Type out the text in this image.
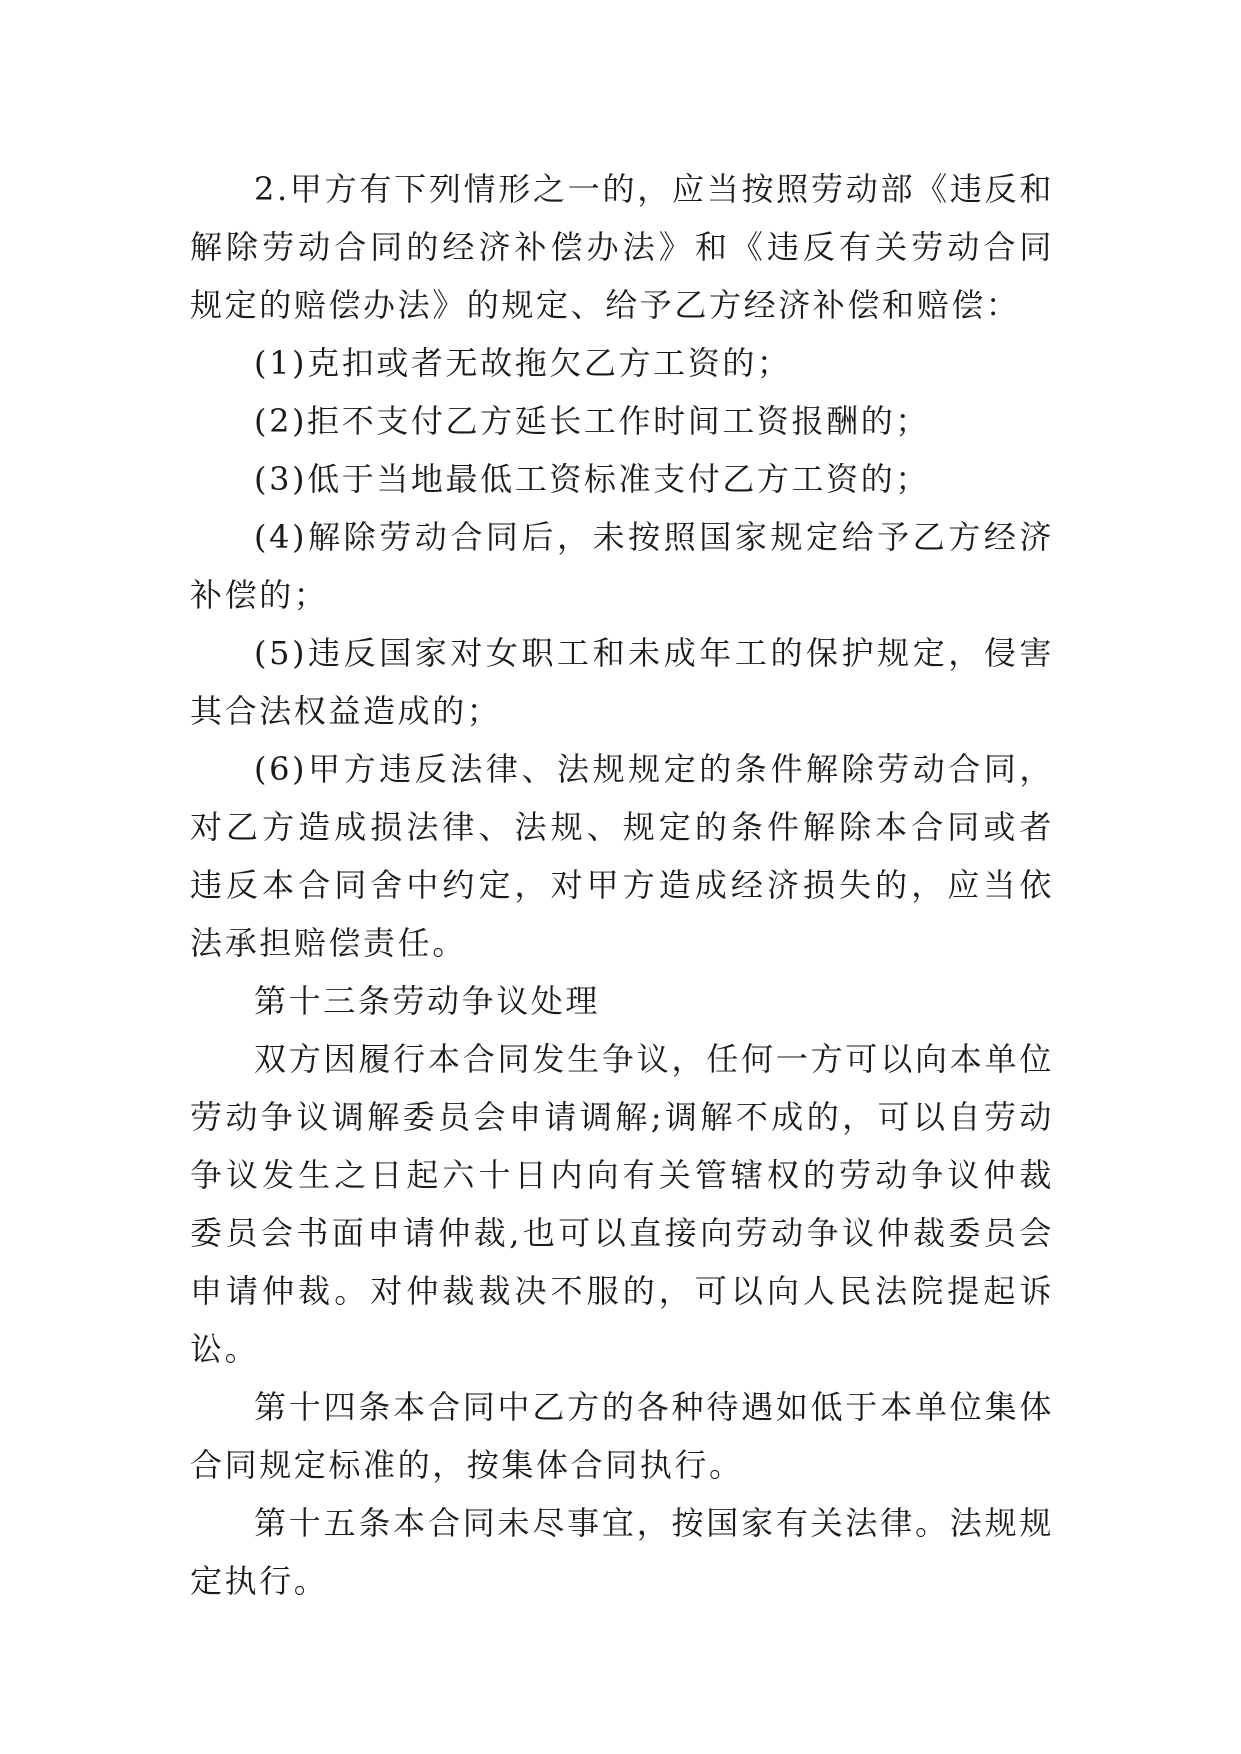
2.甲方有下列情形之一的，应当按照劳动部《违反和解除劳动合同的经济补偿办法》和《违反有关劳动合同规定的赔偿办法》的规定、给予乙方经济补偿和赔偿：

(1)克扣或者无故拖欠乙方工资的；

(2)拒不支付乙方延长工作时间工资报酬的；

(3)低于当地最低工资标准支付乙方工资的；

(4)解除劳动合同后，未按照国家规定给予乙方经济补偿的；

(5)违反国家对女职工和未成年工的保护规定，侵害其合法权益造成的；

(6)甲方违反法律、法规规定的条件解除劳动合同，对乙方造成损法律、法规、规定的条件解除本合同或者违反本合同舍中约定，对甲方造成经济损失的，应当依法承担赔偿责任。

第十三条劳动争议处理

双方因履行本合同发生争议，任何一方可以向本单位劳动争议调解委员会申请调解;调解不成的，可以自劳动争议发生之日起六十日内向有关管辖权的劳动争议仲裁委员会书面申请仲裁,也可以直接向劳动争议仲裁委员会申请仲裁。对仲裁裁决不服的，可以向人民法院提起诉讼。

第十四条本合同中乙方的各种待遇如低于本单位集体合同规定标准的，按集体合同执行。

第十五条本合同未尽事宜，按国家有关法律。法规规定执行。
